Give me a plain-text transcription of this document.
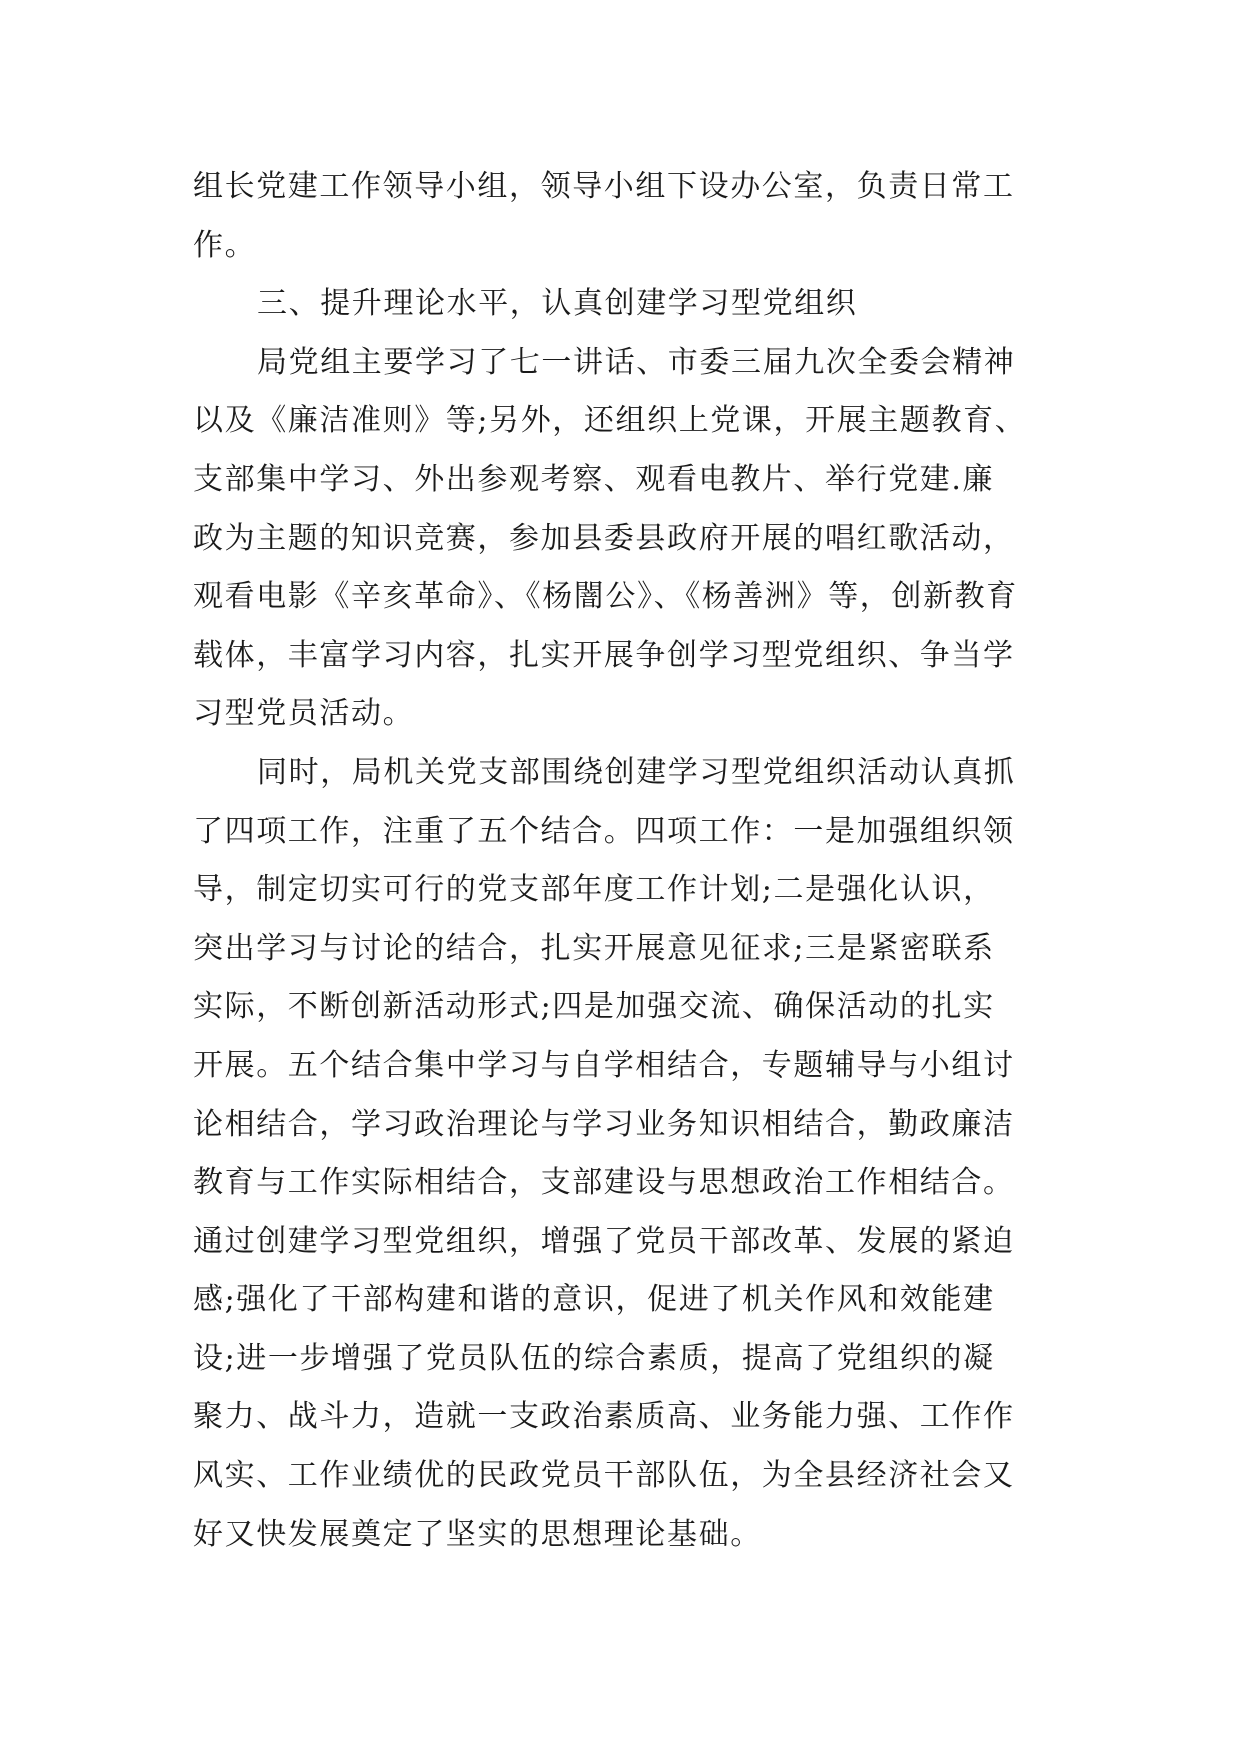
组长党建工作领导小组，领导小组下设办公室，负责日常工
作。

三、提升理论水平，认真创建学习型党组织

局党组主要学习了七一讲话、市委三届九次全委会精神
以及《廉洁准则》等;另外，还组织上党课，开展主题教育、
支部集中学习、外出参观考察、观看电教片、举行党建.廉
政为主题的知识竞赛，参加县委县政府开展的唱红歌活动，
观看电影《辛亥革命》、《杨闇公》、《杨善洲》等，创新教育
载体，丰富学习内容，扎实开展争创学习型党组织、争当学
习型党员活动。

同时，局机关党支部围绕创建学习型党组织活动认真抓
了四项工作，注重了五个结合。四项工作：一是加强组织领
导，制定切实可行的党支部年度工作计划;二是强化认识，
突出学习与讨论的结合，扎实开展意见征求;三是紧密联系
实际，不断创新活动形式;四是加强交流、确保活动的扎实
开展。五个结合集中学习与自学相结合，专题辅导与小组讨
论相结合，学习政治理论与学习业务知识相结合，勤政廉洁
教育与工作实际相结合，支部建设与思想政治工作相结合。
通过创建学习型党组织，增强了党员干部改革、发展的紧迫
感;强化了干部构建和谐的意识，促进了机关作风和效能建
设;进一步增强了党员队伍的综合素质，提高了党组织的凝
聚力、战斗力，造就一支政治素质高、业务能力强、工作作
风实、工作业绩优的民政党员干部队伍，为全县经济社会又
好又快发展奠定了坚实的思想理论基础。
